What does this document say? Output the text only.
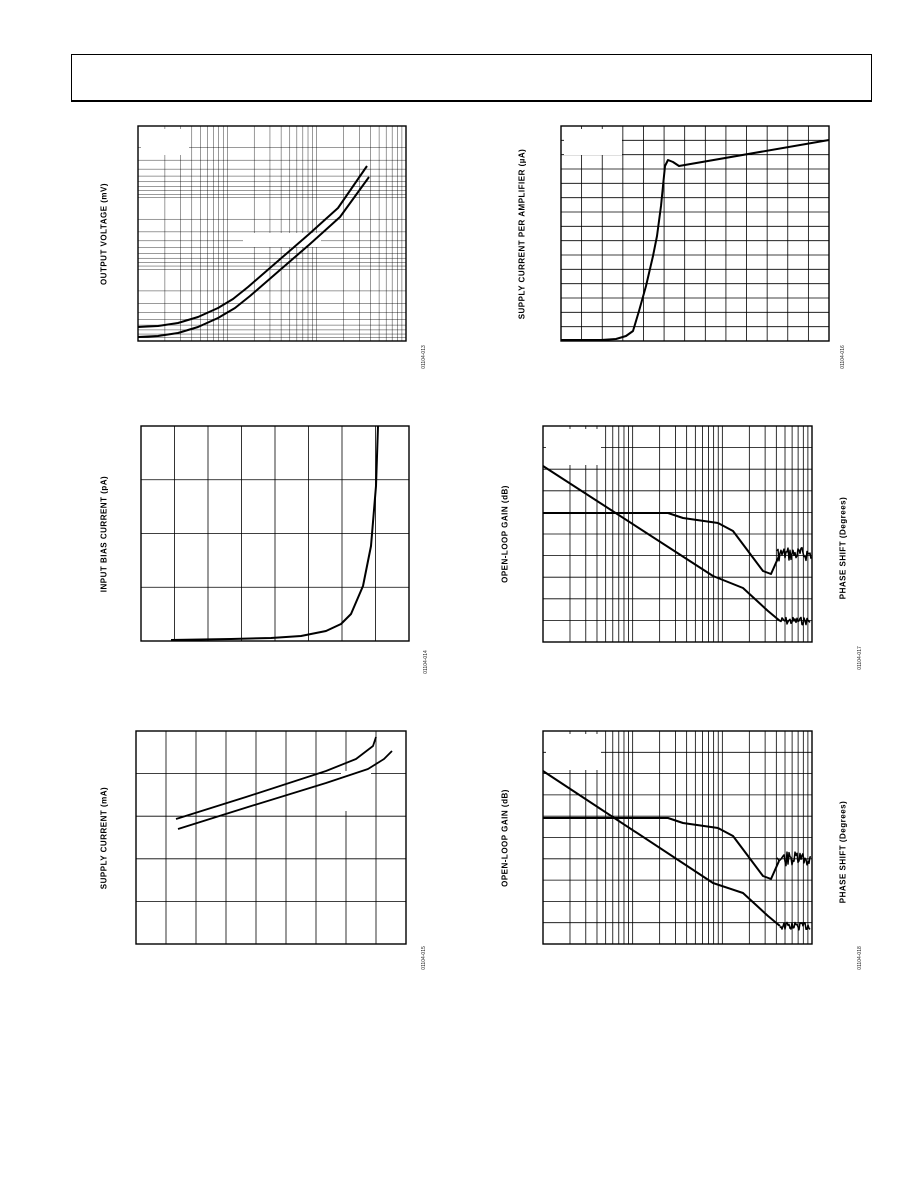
OUTPUT VOLTAGE (mV)
01104-013
INPUT BIAS CURRENT (pA)
01104-014
SUPPLY CURRENT (mA)
01104-015
SUPPLY CURRENT PER AMPLIFIER (µA)
01104-016
OPEN-LOOP GAIN (dB)	PHASE SHIFT (Degrees)
01104-017
OPEN-LOOP GAIN (dB)	PHASE SHIFT (Degrees)
01104-018
